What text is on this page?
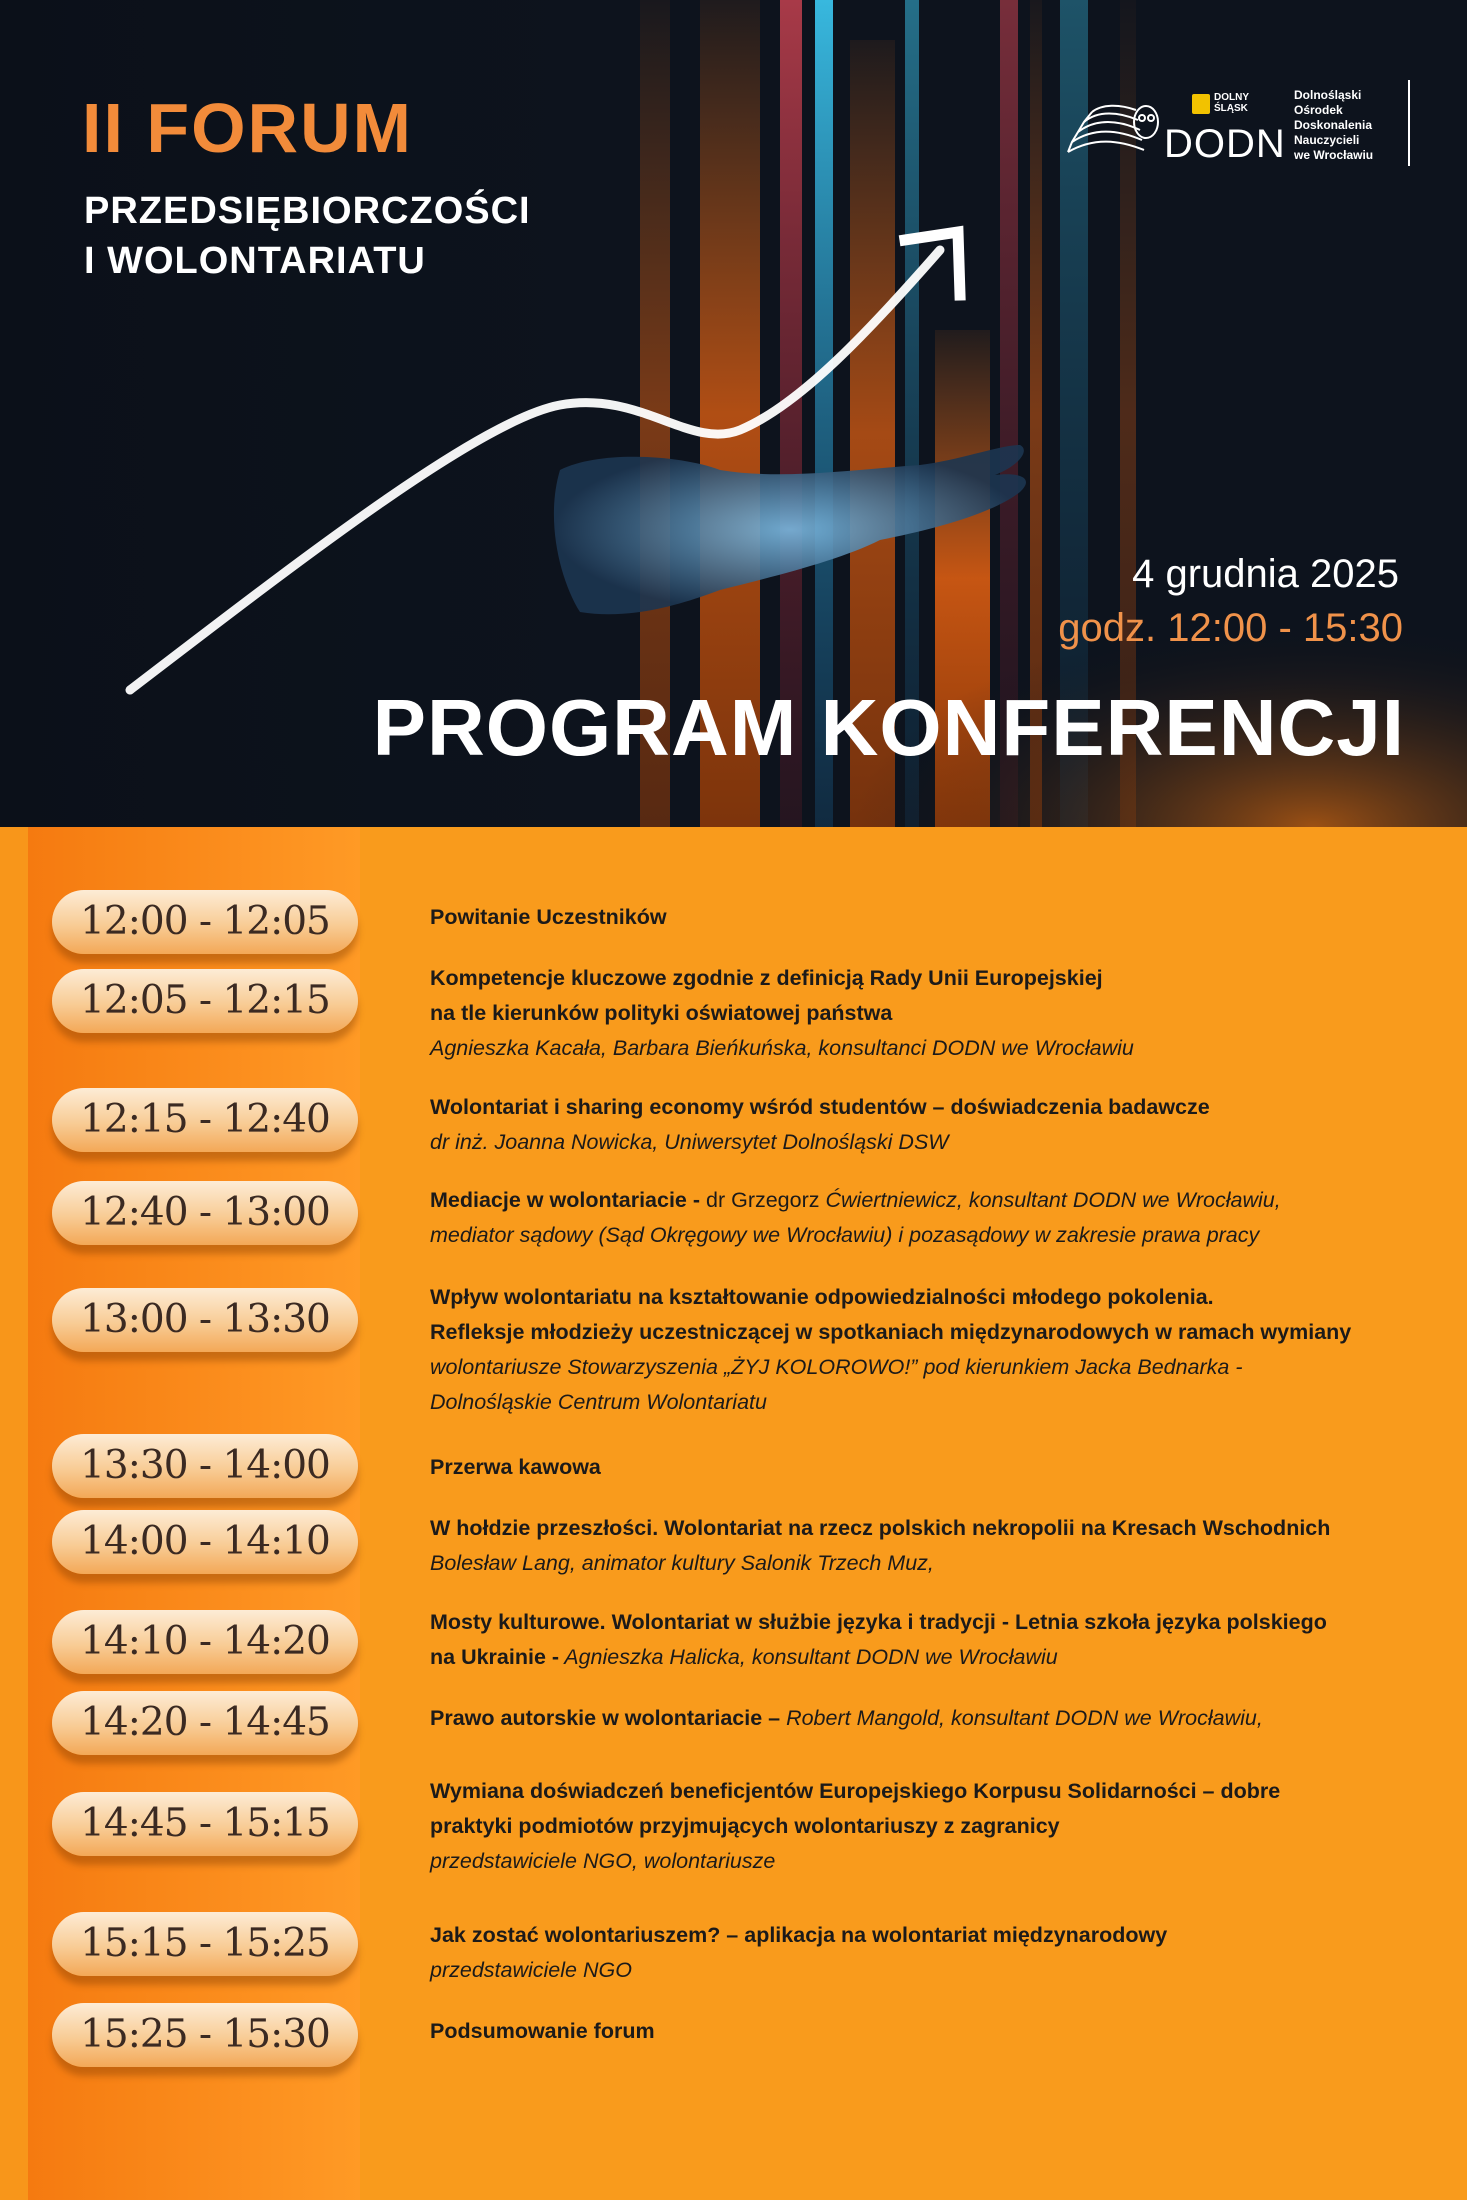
II FORUM
PRZEDSIĘBIORCZOŚCI
I WOLONTARIATU
DOLNY
ŚLĄSK
DODN
Dolnośląski
Ośrodek
Doskonalenia
Nauczycieli
we Wrocławiu
4 grudnia 2025
godz. 12:00 - 15:30
PROGRAM KONFERENCJI
12:00 - 12:05
12:05 - 12:15
12:15 - 12:40
12:40 - 13:00
13:00 - 13:30
13:30 - 14:00
14:00 - 14:10
14:10 - 14:20
14:20 - 14:45
14:45 - 15:15
15:15 - 15:25
15:25 - 15:30
Powitanie Uczestników
Kompetencje kluczowe zgodnie z definicją Rady Unii Europejskiej
na tle kierunków polityki oświatowej państwa
Agnieszka Kacała, Barbara Bieńkuńska, konsultanci DODN we Wrocławiu
Wolontariat i sharing economy wśród studentów – doświadczenia badawcze
dr inż. Joanna Nowicka, Uniwersytet Dolnośląski DSW
Mediacje w wolontariacie - dr Grzegorz Ćwiertniewicz, konsultant DODN we Wrocławiu,
mediator sądowy (Sąd Okręgowy we Wrocławiu) i pozasądowy w zakresie prawa pracy
Wpływ wolontariatu na kształtowanie odpowiedzialności młodego pokolenia.
Refleksje młodzieży uczestniczącej w spotkaniach międzynarodowych w ramach wymiany
wolontariusze Stowarzyszenia „ŻYJ KOLOROWO!” pod kierunkiem Jacka Bednarka -
Dolnośląskie Centrum Wolontariatu
Przerwa kawowa
W hołdzie przeszłości. Wolontariat na rzecz polskich nekropolii na Kresach Wschodnich
Bolesław Lang, animator kultury Salonik Trzech Muz,
Mosty kulturowe. Wolontariat w służbie języka i tradycji - Letnia szkoła języka polskiego
na Ukrainie - Agnieszka Halicka, konsultant DODN we Wrocławiu
Prawo autorskie w wolontariacie – Robert Mangold, konsultant DODN we Wrocławiu,
Wymiana doświadczeń beneficjentów Europejskiego Korpusu Solidarności – dobre
praktyki podmiotów przyjmujących wolontariuszy z zagranicy
przedstawiciele NGO, wolontariusze
Jak zostać wolontariuszem? – aplikacja na wolontariat międzynarodowy
przedstawiciele NGO
Podsumowanie forum
